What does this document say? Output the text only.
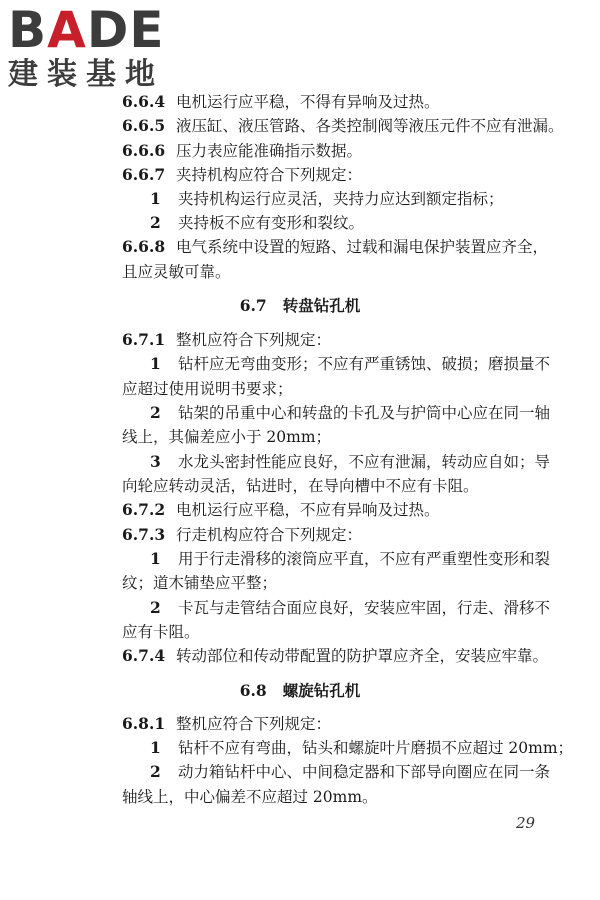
BADE
建装基地
6.6.4 电机运行应平稳，不得有异响及过热。
6.6.5 液压缸、液压管路、各类控制阀等液压元件不应有泄漏。
6.6.6 压力表应能准确指示数据。
6.6.7 夹持机构应符合下列规定：
1 夹持机构运行应灵活，夹持力应达到额定指标；
2 夹持板不应有变形和裂纹。
6.6.8 电气系统中设置的短路、过载和漏电保护装置应齐全，
且应灵敏可靠。
6.7 转盘钻孔机
6.7.1 整机应符合下列规定：
1 钻杆应无弯曲变形；不应有严重锈蚀、破损；磨损量不
应超过使用说明书要求；
2 钻架的吊重中心和转盘的卡孔及与护筒中心应在同一轴
线上，其偏差应小于 20mm；
3 水龙头密封性能应良好，不应有泄漏，转动应自如；导
向轮应转动灵活，钻进时，在导向槽中不应有卡阻。
6.7.2 电机运行应平稳，不应有异响及过热。
6.7.3 行走机构应符合下列规定：
1 用于行走滑移的滚筒应平直，不应有严重塑性变形和裂
纹；道木铺垫应平整；
2 卡瓦与走管结合面应良好，安装应牢固，行走、滑移不
应有卡阻。
6.7.4 转动部位和传动带配置的防护罩应齐全，安装应牢靠。
6.8 螺旋钻孔机
6.8.1 整机应符合下列规定：
1 钻杆不应有弯曲，钻头和螺旋叶片磨损不应超过 20mm；
2 动力箱钻杆中心、中间稳定器和下部导向圈应在同一条
轴线上，中心偏差不应超过 20mm。
29
